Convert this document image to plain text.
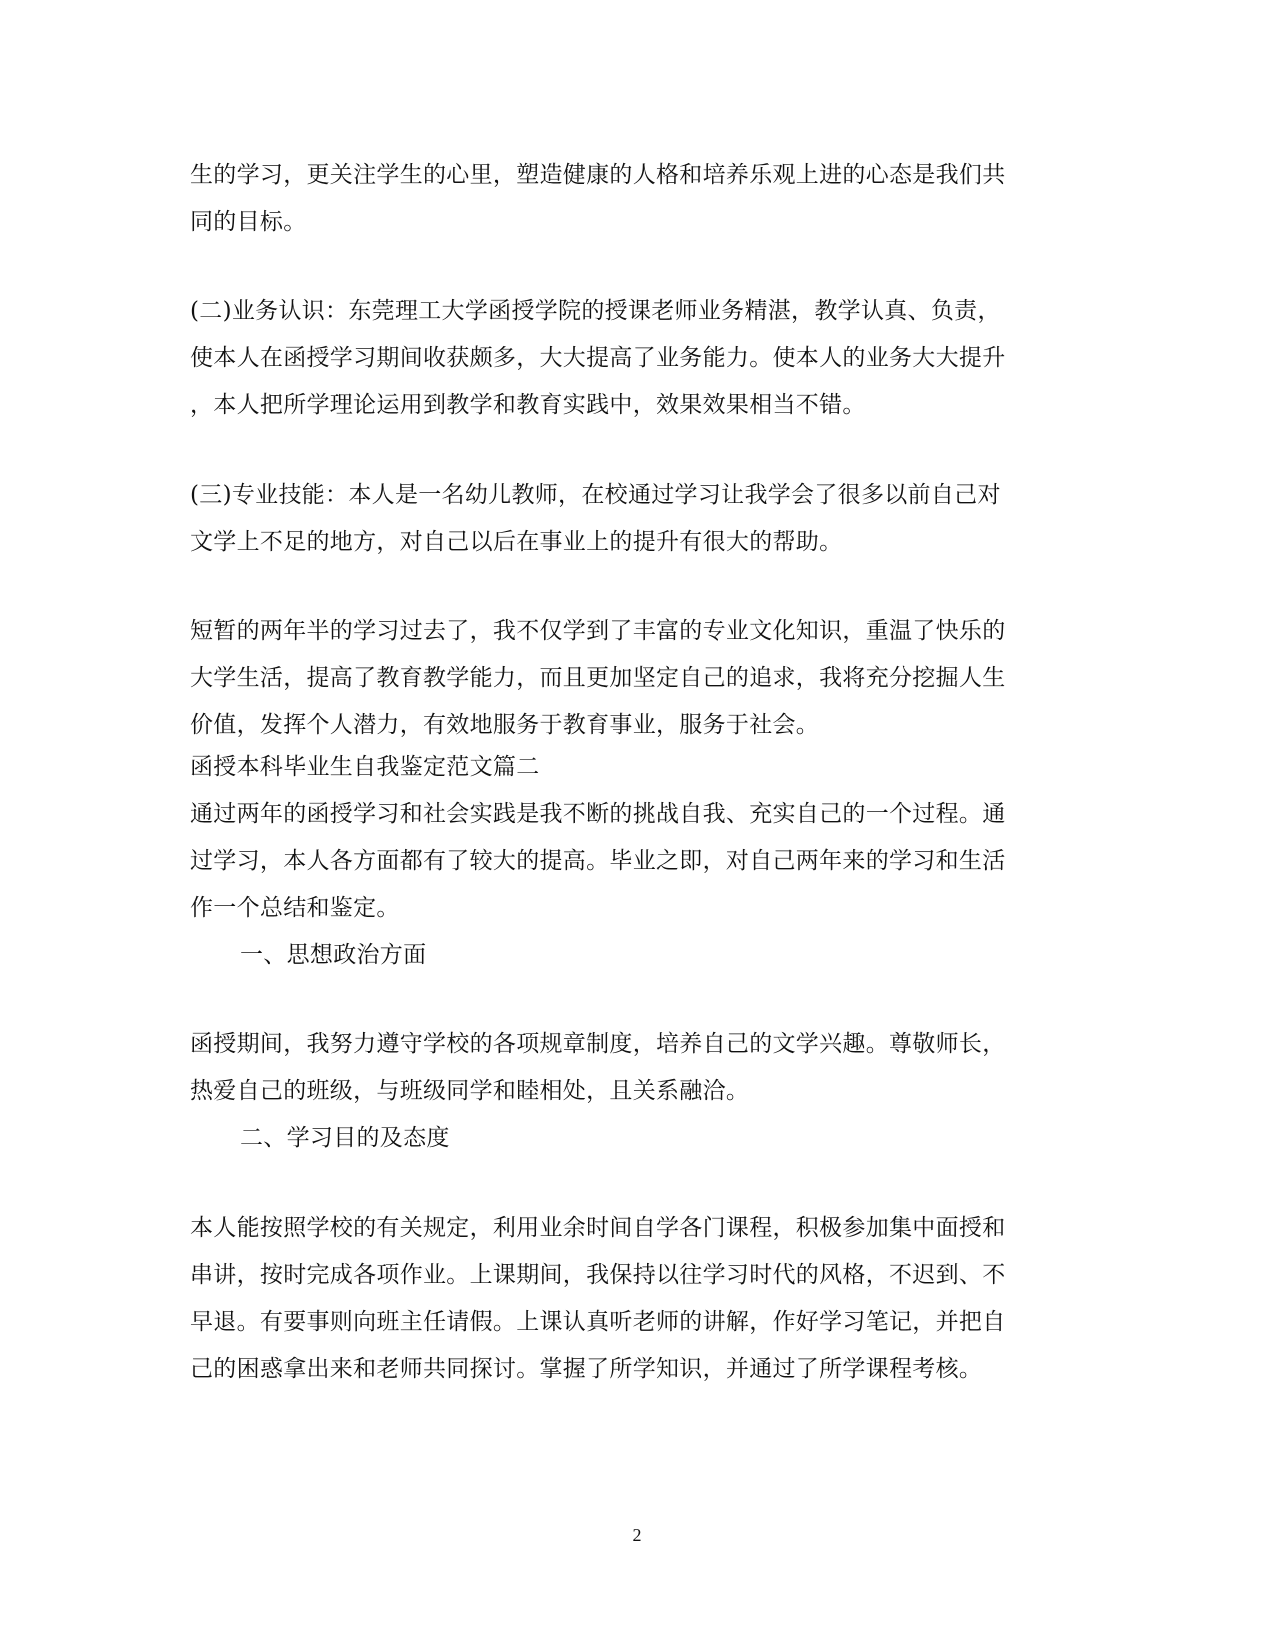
生的学习，更关注学生的心里，塑造健康的人格和培养乐观上进的心态是我们共
同的目标。
(二)业务认识：东莞理工大学函授学院的授课老师业务精湛，教学认真、负责，
使本人在函授学习期间收获颇多，大大提高了业务能力。使本人的业务大大提升
，本人把所学理论运用到教学和教育实践中，效果效果相当不错。
(三)专业技能：本人是一名幼儿教师，在校通过学习让我学会了很多以前自己对
文学上不足的地方，对自己以后在事业上的提升有很大的帮助。
短暂的两年半的学习过去了，我不仅学到了丰富的专业文化知识，重温了快乐的
大学生活，提高了教育教学能力，而且更加坚定自己的追求，我将充分挖掘人生
价值，发挥个人潜力，有效地服务于教育事业，服务于社会。
函授本科毕业生自我鉴定范文篇二
通过两年的函授学习和社会实践是我不断的挑战自我、充实自己的一个过程。通
过学习，本人各方面都有了较大的提高。毕业之即，对自己两年来的学习和生活
作一个总结和鉴定。
一、思想政治方面
函授期间，我努力遵守学校的各项规章制度，培养自己的文学兴趣。尊敬师长，
热爱自己的班级，与班级同学和睦相处，且关系融洽。
二、学习目的及态度
本人能按照学校的有关规定，利用业余时间自学各门课程，积极参加集中面授和
串讲，按时完成各项作业。上课期间，我保持以往学习时代的风格，不迟到、不
早退。有要事则向班主任请假。上课认真听老师的讲解，作好学习笔记，并把自
己的困惑拿出来和老师共同探讨。掌握了所学知识，并通过了所学课程考核。
2
